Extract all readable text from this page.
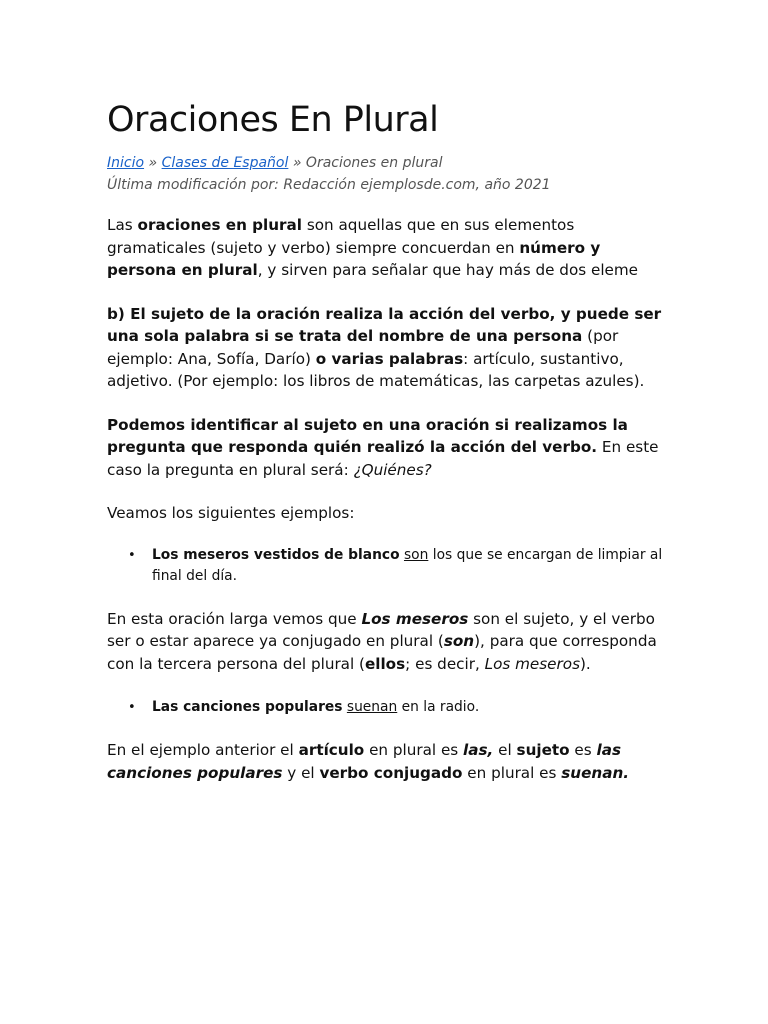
Oraciones En Plural
Inicio » Clases de Español » Oraciones en plural
Última modificación por: Redacción ejemplosde.com, año 2021

Las oraciones en plural son aquellas que en sus elementos gramaticales (sujeto y verbo) siempre concuerdan en número y persona en plural, y sirven para señalar que hay más de dos eleme

b) El sujeto de la oración realiza la acción del verbo, y puede ser una sola palabra si se trata del nombre de una persona (por ejemplo: Ana, Sofía, Darío) o varias palabras: artículo, sustantivo, adjetivo. (Por ejemplo: los libros de matemáticas, las carpetas azules).

Podemos identificar al sujeto en una oración si realizamos la pregunta que responda quién realizó la acción del verbo. En este caso la pregunta en plural será: ¿Quiénes?

Veamos los siguientes ejemplos:

• Los meseros vestidos de blanco son los que se encargan de limpiar al final del día.

En esta oración larga vemos que Los meseros son el sujeto, y el verbo ser o estar aparece ya conjugado en plural (son), para que corresponda con la tercera persona del plural (ellos; es decir, Los meseros).

• Las canciones populares suenan en la radio.

En el ejemplo anterior el artículo en plural es las, el sujeto es las canciones populares y el verbo conjugado en plural es suenan.
